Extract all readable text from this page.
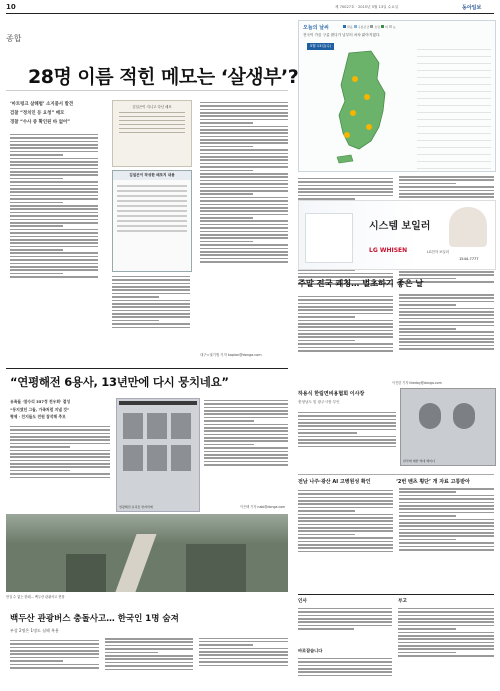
10	제 70027호 · 2015년 5월 13일 수요일	동아일보
종합
28명 이름 적힌 메모는 ‘살생부’?
‘마트렁크 살해범’ 소지품서 발견
검찰 “정치인 등 요청” 메모
경찰 “수사 중 확인된 바 없어”
김일곤이 지니고 다닌 메모
김일곤이 작성한 메모지 내용
대구=권기범 기자 kaplan@donga.com
오늘의 날씨	맑음 구름조금 흐림 비 눈
전국이 가끔 구름 많다가 낮부터 차차 맑아지겠다.
5월 13일(수)
시스템 보일러
LG WHISEN	LG전자 보일러
1544-7777
“연평해전 6용사, 13년만에 다시 뭉치네요”
유족들 ‘참수리 357정 전우회’ 결성
“동지였던 그들, 가족처럼 지낼 것”
형제 · 친지들도 전원 참석해 추모
연평해전 유족들 한자리에	이은택 기자 nabi@donga.com
주말 전국 쾌청… 벌초하기 좋은 날
이진한 기자 likeday@donga.com
하용식 한림면비용협회 이사장
충청남도 및 광주시장 부인
한국에 대한 역대 세미나
전남 나주·광산 AI 고병원성 확인	‘2번 벤츠 횡단’ 개 자료 고통받아
만질 수 없는 한때… 백두산 관광사고 현장
백두산 관광버스 충돌사고… 한국인 1명 숨져
부상 2명은 1명도 심해 복용
인사	부고
바로잡습니다
